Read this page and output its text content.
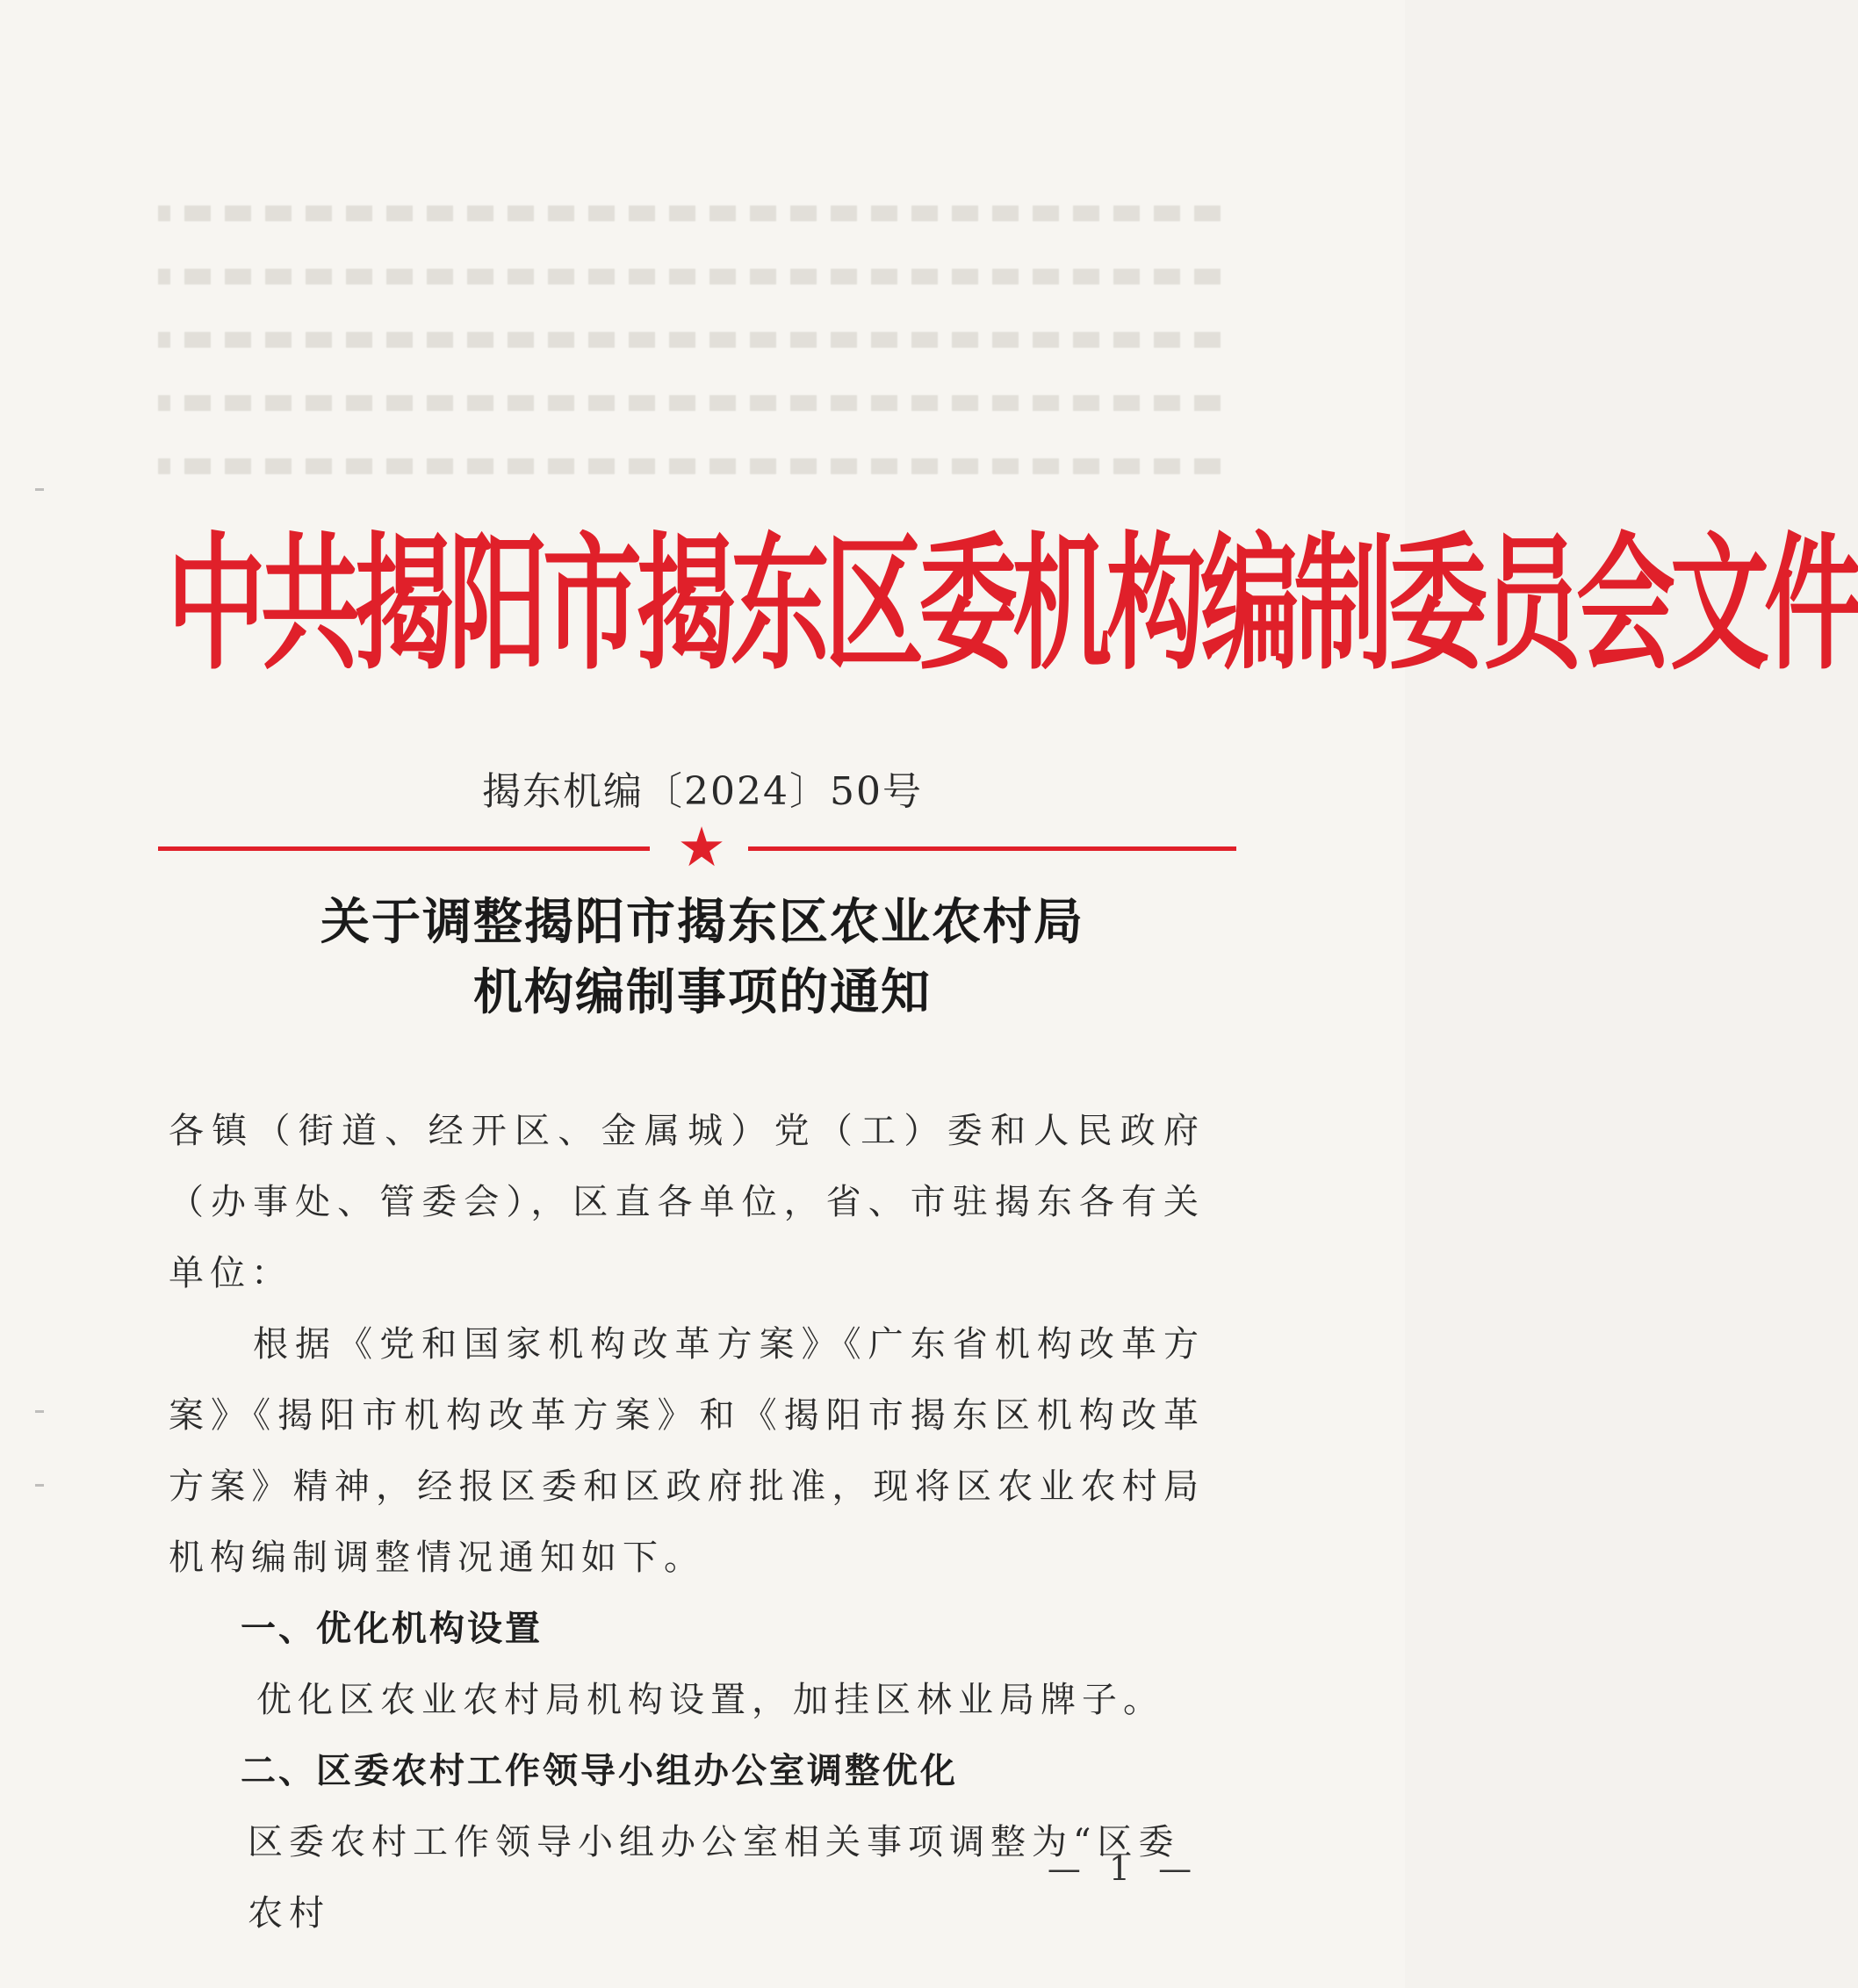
中共揭阳市揭东区委机构编制委员会文件
揭东机编〔2024〕50号
★
关于调整揭阳市揭东区农业农村局
机构编制事项的通知
各镇（街道、经开区、金属城）党（工）委和人民政府（办事处、管委会），区直各单位，省、市驻揭东各有关单位：
根据《党和国家机构改革方案》《广东省机构改革方案》《揭阳市机构改革方案》和《揭阳市揭东区机构改革方案》精神，经报区委和区政府批准，现将区农业农村局机构编制调整情况通知如下。
一、优化机构设置
优化区农业农村局机构设置，加挂区林业局牌子。
二、区委农村工作领导小组办公室调整优化
区委农村工作领导小组办公室相关事项调整为“区委农村
— 1 —
